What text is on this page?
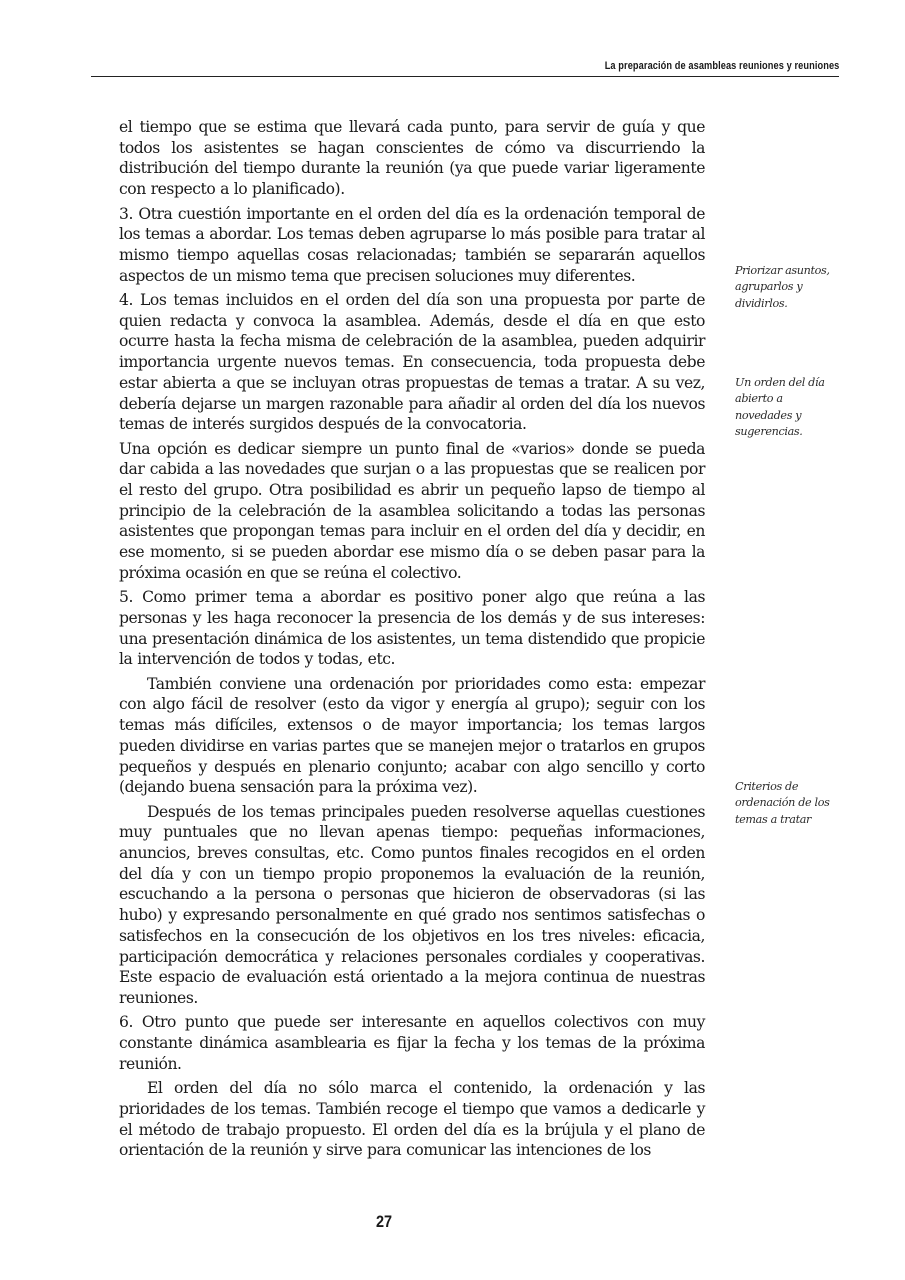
La preparación de asambleas reuniones y reuniones

el tiempo que se estima que llevará cada punto, para servir de guía y que todos los asistentes se hagan conscientes de cómo va discurriendo la distribución del tiempo durante la reunión (ya que puede variar ligeramente con respecto a lo planificado).

3. Otra cuestión importante en el orden del día es la ordenación temporal de los temas a abordar. Los temas deben agruparse lo más posible para tratar al mismo tiempo aquellas cosas relacionadas; también se separarán aquellos aspectos de un mismo tema que precisen soluciones muy diferentes.

4. Los temas incluidos en el orden del día son una propuesta por parte de quien redacta y convoca la asamblea. Además, desde el día en que esto ocurre hasta la fecha misma de celebración de la asamblea, pueden adquirir importancia urgente nuevos temas. En consecuencia, toda propuesta debe estar abierta a que se incluyan otras propuestas de temas a tratar. A su vez, debería dejarse un margen razonable para añadir al orden del día los nuevos temas de interés surgidos después de la convocatoria.

Una opción es dedicar siempre un punto final de «varios» donde se pueda dar cabida a las novedades que surjan o a las propuestas que se realicen por el resto del grupo. Otra posibilidad es abrir un pequeño lapso de tiempo al principio de la celebración de la asamblea solicitando a todas las personas asistentes que propongan temas para incluir en el orden del día y decidir, en ese momento, si se pueden abordar ese mismo día o se deben pasar para la próxima ocasión en que se reúna el colectivo.

5. Como primer tema a abordar es positivo poner algo que reúna a las personas y les haga reconocer la presencia de los demás y de sus intereses: una presentación dinámica de los asistentes, un tema distendido que propicie la intervención de todos y todas, etc.

También conviene una ordenación por prioridades como esta: empezar con algo fácil de resolver (esto da vigor y energía al grupo); seguir con los temas más difíciles, extensos o de mayor importancia; los temas largos pueden dividirse en varias partes que se manejen mejor o tratarlos en grupos pequeños y después en plenario conjunto; acabar con algo sencillo y corto (dejando buena sensación para la próxima vez).

Después de los temas principales pueden resolverse aquellas cuestiones muy puntuales que no llevan apenas tiempo: pequeñas informaciones, anuncios, breves consultas, etc. Como puntos finales recogidos en el orden del día y con un tiempo propio proponemos la evaluación de la reunión, escuchando a la persona o personas que hicieron de observadoras (si las hubo) y expresando personalmente en qué grado nos sentimos satisfechas o satisfechos en la consecución de los objetivos en los tres niveles: eficacia, participación democrática y relaciones personales cordiales y cooperativas. Este espacio de evaluación está orientado a la mejora continua de nuestras reuniones.

6. Otro punto que puede ser interesante en aquellos colectivos con muy constante dinámica asamblearia es fijar la fecha y los temas de la próxima reunión.

El orden del día no sólo marca el contenido, la ordenación y las prioridades de los temas. También recoge el tiempo que vamos a dedicarle y el método de trabajo propuesto. El orden del día es la brújula y el plano de orientación de la reunión y sirve para comunicar las intenciones de los

Priorizar asuntos, agruparlos y dividirlos.
Un orden del día abierto a novedades y sugerencias.
Criterios de ordenación de los temas a tratar
27
